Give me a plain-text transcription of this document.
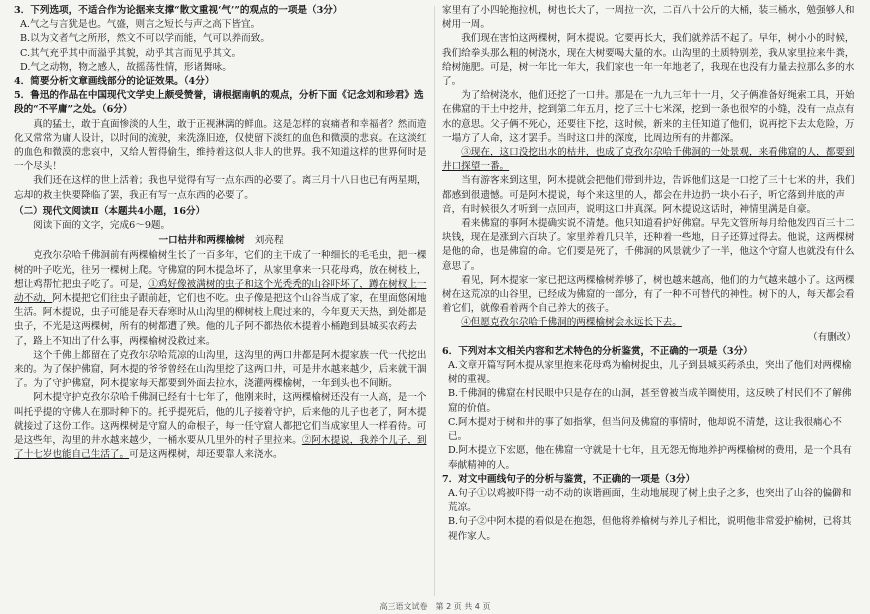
3．下列选项，不适合作为论据来支撑“散文重视‘气’”的观点的一项是（3分）

A.气之与言犹是也。气盛，则言之短长与声之高下皆宜。

B.以为文者气之所形，然文不可以学而能，气可以养而致。

C.其气充乎其中而溢乎其貌，动乎其言而见乎其文。

D.气之动物，物之感人，故摇荡性情，形诸舞咏。

4．简要分析文章画线部分的论证效果。（4分）

5．鲁迅的作品在中国现代文学史上颇受赞誉，请根据南帆的观点，分析下面《记念刘和珍君》选段的“不平庸”之处。（6分）

真的猛士，敢于直面惨淡的人生，敢于正视淋漓的鲜血。这是怎样的哀痛者和幸福者？然而造化又常常为庸人设计，以时间的流驶，来洗涤旧迹，仅使留下淡红的血色和微漠的悲哀。在这淡红的血色和微漠的悲哀中，又给人暂得偷生，维持着这似人非人的世界。我不知道这样的世界何时是一个尽头！

我们还在这样的世上活着；我也早觉得有写一点东西的必要了。离三月十八日也已有两星期，忘却的救主快要降临了罢，我正有写一点东西的必要了。

（二）现代文阅读Ⅱ（本题共4小题，16分）

阅读下面的文字，完成6～9题。

一口枯井和两棵榆树 刘亮程

克孜尔尕哈千佛洞前有两棵榆树生长了一百多年，它们的主干成了一种细长的毛毛虫，把一棵树的叶子吃光，往另一棵树上爬。守佛窟的阿木提急坏了，从家里拿来一只花母鸡，放在树枝上，想让鸡帮忙把虫子吃了。可是，①鸡好像被满树的虫子和这个光秃秃的山谷吓坏了，蹲在树杈上一动不动，阿木提把它们往虫子跟前赶，它们也不吃。虫子像是把这个山谷当成了家，在里面悠闲地生活。阿木提说，虫子可能是春天春寒时从山沟里的柳树枝上爬过来的，今年夏天天热，到处都是虫子，不光是这两棵树，所有的树都遭了殃。他的儿子阿不都热依木提着小桶跑到县城买农药去了，路上不知出了什么事，两棵榆树没救过来。

这个千佛上都留在了克孜尔尕哈荒凉的山沟里，这沟里的两口井都是阿木提家族一代一代挖出来的。为了保护佛窟，阿木提的爷爷曾经在山沟里挖了这两口井，可是井水越来越少，后来就干涸了。为了守护佛窟，阿木提家每天都要到外面去拉水，浇灌两棵榆树，一年到头也不间断。

阿木提守护克孜尔尕哈千佛洞已经有十七年了，他刚来时，这两棵榆树还没有一人高，是一个叫托乎提的守佛人在那时种下的。托乎提死后，他的儿子接着守护，后来他的儿子也老了，阿木提就接过了这份工作。这两棵树是守窟人的命根子，每一任守窟人都把它们当成家里人一样看待。可是这些年，沟里的井水越来越少，一桶水要从几里外的村子里拉来。②阿木提说，我养个儿子，到了十七岁也能自己生活了。可是这两棵树，却还要靠人来浇水。

家里有了小四轮拖拉机，树也长大了，一周拉一次，二百八十公斤的大桶，装三桶水，勉强够人和树用一周。

我们现在害怕这两棵树，阿木提说。它要再长大，我们就养活不起了。早年，树小小的时候，我们给拳头那么粗的树浇水，现在大树要喝大量的水。山沟里的土质特别差，我从家里拉来牛粪，给树施肥。可是，树一年比一年大，我们家也一年一年地老了，我现在也没有力量去拉那么多的水了。

为了给树浇水，他们还挖了一口井。那是在一九九三年十一月，父子俩准备好绳索工具，开始在佛窟的干土中挖井，挖到第二年五月，挖了三十七米深，挖到一条也很窄的小缝，没有一点点有水的意思。父子俩不死心，还要往下挖，这时候，新来的主任知道了他们，说再挖下去太危险，万一塌方了人命，这才罢手。当时这口井的深度，比周边所有的井都深。

③现在，这口没挖出水的枯井，也成了克孜尔尕哈千佛洞的一处景观，来看佛窟的人，都要到井口探望一番。

当有游客来到这里，阿木提就会把他们带到井边，告诉他们这是一口挖了三十七米的井，我们都感到很遗憾。可是阿木提说，每个来这里的人，都会在井边扔一块小石子，听它落到井底的声音，有时候很久才听到一点回声，说明这口井真深。阿木提说这话时，神情里满是自豪。

看来佛窟的事阿木提确实说不清楚。他只知道看护好佛窟。早先文管所每月给他发四百三十二块钱，现在是涨到六百块了。家里养着几只羊，还种着一些地，日子还算过得去。他说，这两棵树是他的命，也是佛窟的命。它们要是死了，千佛洞的风景就少了一半，他这个守窟人也就没有什么意思了。

看见，阿木提家一家已把这两棵榆树养够了，树也越来越高，他们的力气越来越小了。这两棵树在这荒凉的山谷里，已经成为佛窟的一部分，有了一种不可替代的神性。树下的人，每天都会看着它们，就像看着两个自己养大的孩子。

④但愿克孜尔尕哈千佛洞的两棵榆树会永远长下去。

（有删改）

6．下列对本文相关内容和艺术特色的分析鉴赏，不正确的一项是（3分）

A.文章开篇写阿木提从家里抱来花母鸡为榆树捉虫，儿子到县城买药杀虫，突出了他们对两棵榆树的重视。

B.千佛洞的佛窟在村民眼中只是存在的山洞，甚至曾被当成羊圈使用，这反映了村民们不了解佛窟的价值。

C.阿木提对于树和井的事了如指掌，但当问及佛窟的事情时，他却说不清楚，这让我很痛心不已。

D.阿木提立下宏愿，他在佛窟一守就是十七年，且无怨无悔地养护两棵榆树的费用，是一个具有奉献精神的人。

7．对文中画线句子的分析与鉴赏，不正确的一项是（3分）

A.句子①以鸡被吓得一动不动的诙谐画面，生动地展现了树上虫子之多，也突出了山谷的偏僻和荒凉。

B.句子②中阿木提的看似是在抱怨，但他将养榆树与养儿子相比，说明他非常爱护榆树，已将其视作家人。

高三语文试卷　第 2 页 共 4 页
